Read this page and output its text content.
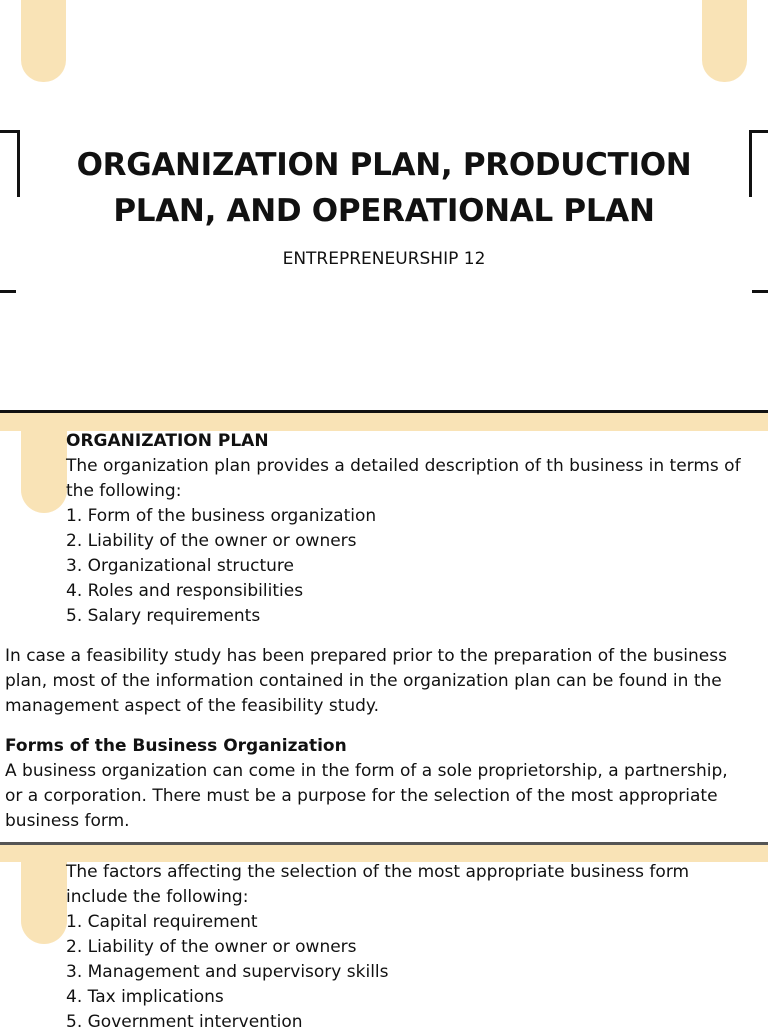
ORGANIZATION PLAN, PRODUCTION PLAN, AND OPERATIONAL PLAN

ENTREPRENEURSHIP 12

ORGANIZATION PLAN

The organization plan provides a detailed description of th business in terms of the following:

1. Form of the business organization
2. Liability of the owner or owners
3. Organizational structure
4. Roles and responsibilities
5. Salary requirements

In case a feasibility study has been prepared prior to the preparation of the business plan, most of the information contained in the organization plan can be found in the management aspect of the feasibility study.

Forms of the Business Organization

A business organization can come in the form of a sole proprietorship, a partnership, or a corporation. There must be a purpose for the selection of the most appropriate business form.

The factors affecting the selection of the most appropriate business form include the following:

1. Capital requirement
2. Liability of the owner or owners
3. Management and supervisory skills
4. Tax implications
5. Government intervention
